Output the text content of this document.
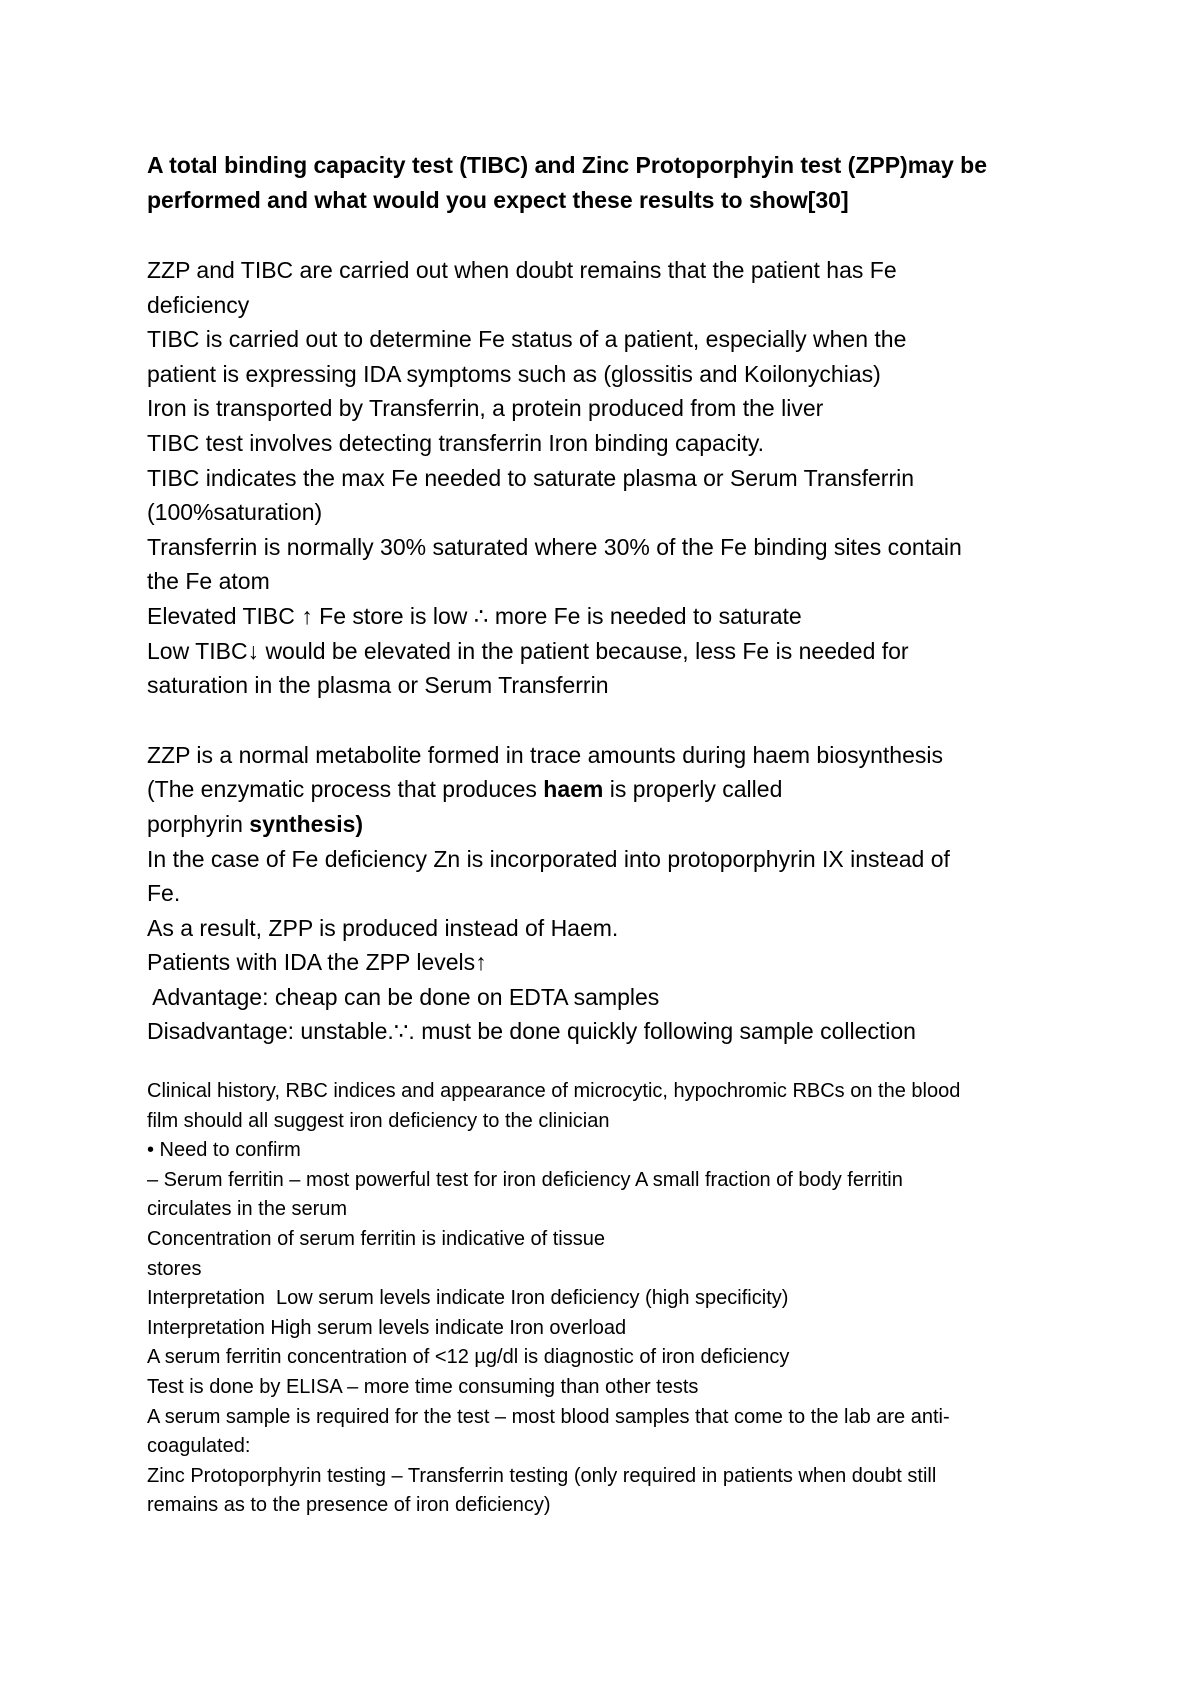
A total binding capacity test (TIBC) and Zinc Protoporphyin test (ZPP)may be
performed and what would you expect these results to show[30]
ZZP and TIBC are carried out when doubt remains that the patient has Fe
deficiency
TIBC is carried out to determine Fe status of a patient, especially when the
patient is expressing IDA symptoms such as (glossitis and Koilonychias)
Iron is transported by Transferrin, a protein produced from the liver
TIBC test involves detecting transferrin Iron binding capacity.
TIBC indicates the max Fe needed to saturate plasma or Serum Transferrin
(100%saturation)
Transferrin is normally 30% saturated where 30% of the Fe binding sites contain
the Fe atom
Elevated TIBC ↑ Fe store is low ∴ more Fe is needed to saturate
Low TIBC↓ would be elevated in the patient because, less Fe is needed for
saturation in the plasma or Serum Transferrin
ZZP is a normal metabolite formed in trace amounts during haem biosynthesis
(The enzymatic process that produces haem is properly called
porphyrin synthesis)
In the case of Fe deficiency Zn is incorporated into protoporphyrin IX instead of
Fe.
As a result, ZPP is produced instead of Haem.
Patients with IDA the ZPP levels↑
Advantage: cheap can be done on EDTA samples
Disadvantage: unstable.∵. must be done quickly following sample collection
Clinical history, RBC indices and appearance of microcytic, hypochromic RBCs on the blood
film should all suggest iron deficiency to the clinician
• Need to confirm
– Serum ferritin – most powerful test for iron deficiency A small fraction of body ferritin
circulates in the serum
Concentration of serum ferritin is indicative of tissue
stores
Interpretation  Low serum levels indicate Iron deficiency (high specificity)
Interpretation High serum levels indicate Iron overload
A serum ferritin concentration of <12 µg/dl is diagnostic of iron deficiency
Test is done by ELISA – more time consuming than other tests
A serum sample is required for the test – most blood samples that come to the lab are anti-
coagulated:
Zinc Protoporphyrin testing – Transferrin testing (only required in patients when doubt still
remains as to the presence of iron deficiency)
